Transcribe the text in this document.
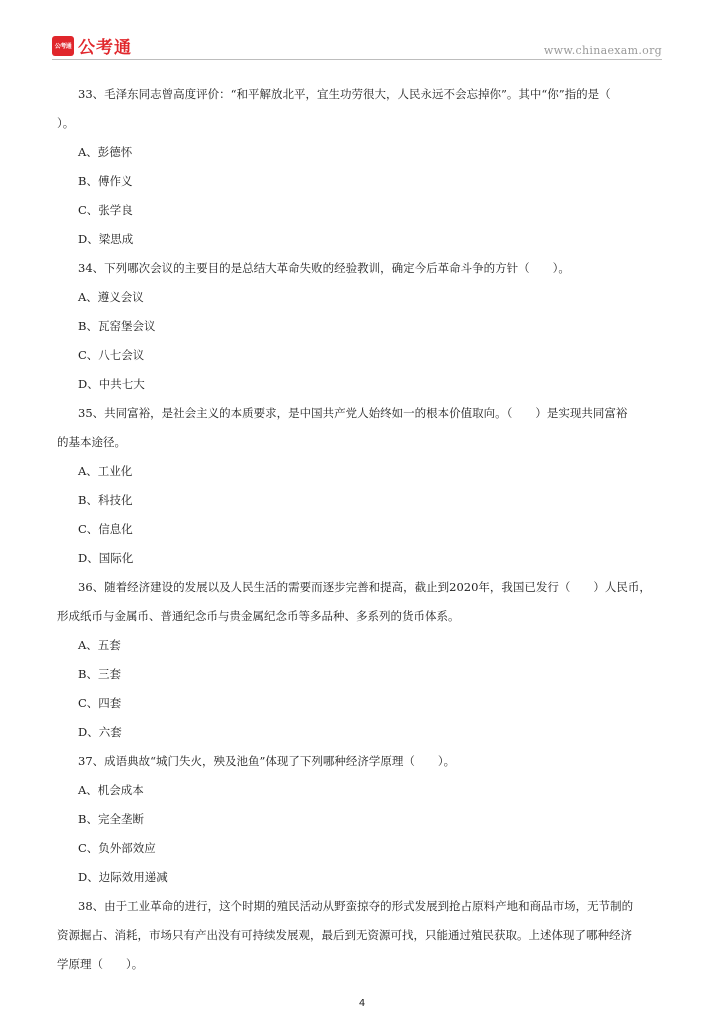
公考通 公考通	www.chinaexam.org
33、毛泽东同志曾高度评价：“和平解放北平，宜生功劳很大，人民永远不会忘掉你”。其中“你”指的是（
）。
A、彭德怀
B、傅作义
C、张学良
D、梁思成
34、下列哪次会议的主要目的是总结大革命失败的经验教训，确定今后革命斗争的方针（　　）。
A、遵义会议
B、瓦窑堡会议
C、八七会议
D、中共七大
35、共同富裕，是社会主义的本质要求，是中国共产党人始终如一的根本价值取向。（　　）是实现共同富裕
的基本途径。
A、工业化
B、科技化
C、信息化
D、国际化
36、随着经济建设的发展以及人民生活的需要而逐步完善和提高，截止到2020年，我国已发行（　　）人民币，
形成纸币与金属币、普通纪念币与贵金属纪念币等多品种、多系列的货币体系。
A、五套
B、三套
C、四套
D、六套
37、成语典故“城门失火，殃及池鱼”体现了下列哪种经济学原理（　　）。
A、机会成本
B、完全垄断
C、负外部效应
D、边际效用递减
38、由于工业革命的进行，这个时期的殖民活动从野蛮掠夺的形式发展到抢占原料产地和商品市场，无节制的
资源掘占、消耗，市场只有产出没有可持续发展观，最后到无资源可找，只能通过殖民获取。上述体现了哪种经济
学原理（　　）。
4
